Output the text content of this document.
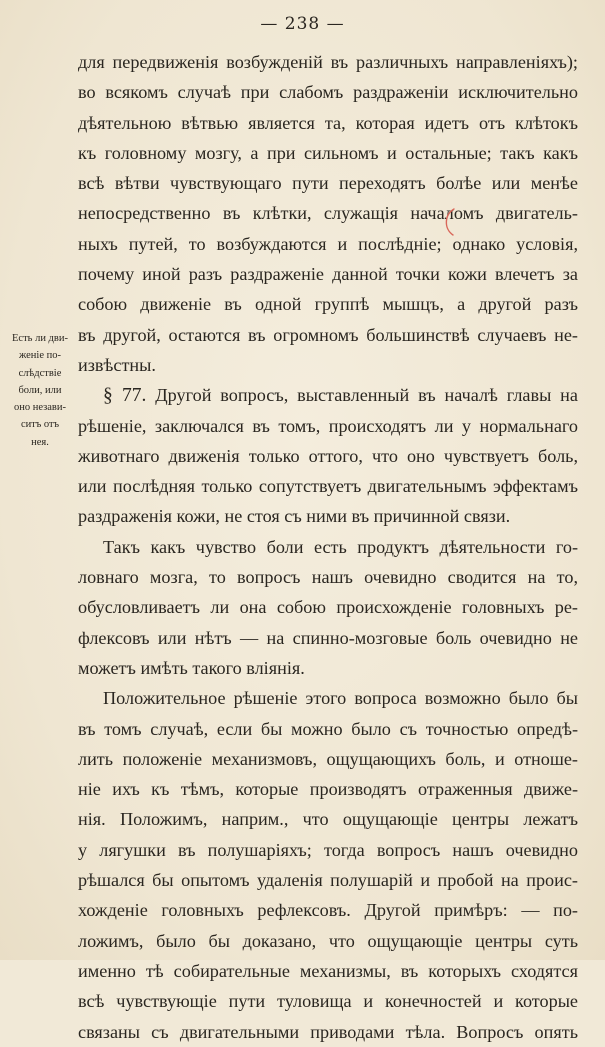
— 238 —
Есть ли дви-
женіе по-
слѣдствіе
боли, или
оно незави-
ситъ отъ
нея.
для передвиженія возбужденій въ различныхъ направленіяхъ);
во всякомъ случаѣ при слабомъ раздраженіи исключительно
дѣятельною вѣтвью является та, которая идетъ отъ клѣтокъ
къ головному мозгу, а при сильномъ и остальные; такъ какъ
всѣ вѣтви чувствующаго пути переходятъ болѣе или менѣе
непосредственно въ клѣтки, служащія началомъ двигатель-
ныхъ путей, то возбуждаются и послѣдніе; однако условія,
почему иной разъ раздраженіе данной точки кожи влечетъ за
собою движеніе въ одной группѣ мышцъ, а другой разъ
въ другой, остаются въ огромномъ большинствѣ случаевъ не-
извѣстны.
§ 77. Другой вопросъ, выставленный въ началѣ главы на
рѣшеніе, заключался въ томъ, происходятъ ли у нормальнаго
животнаго движенія только оттого, что оно чувствуетъ боль,
или послѣдняя только сопутствуетъ двигательнымъ эффектамъ
раздраженія кожи, не стоя съ ними въ причинной связи.
Такъ какъ чувство боли есть продуктъ дѣятельности го-
ловнаго мозга, то вопросъ нашъ очевидно сводится на то,
обусловливаетъ ли она собою происхожденіе головныхъ ре-
флексовъ или нѣтъ — на спинно-мозговые боль очевидно не
можетъ имѣть такого вліянія.
Положительное рѣшеніе этого вопроса возможно было бы
въ томъ случаѣ, если бы можно было съ точностью опредѣ-
лить положеніе механизмовъ, ощущающихъ боль, и отноше-
ніе ихъ къ тѣмъ, которые производятъ отраженныя движе-
нія. Положимъ, наприм., что ощущающіе центры лежатъ
у лягушки въ полушаріяхъ; тогда вопросъ нашъ очевидно
рѣшался бы опытомъ удаленія полушарій и пробой на проис-
хожденіе головныхъ рефлексовъ. Другой примѣръ: — по-
ложимъ, было бы доказано, что ощущающіе центры суть
именно тѣ собирательные механизмы, въ которыхъ сходятся
всѣ чувствующіе пути туловища и конечностей и которые
связаны съ двигательными приводами тѣла. Вопросъ опять
